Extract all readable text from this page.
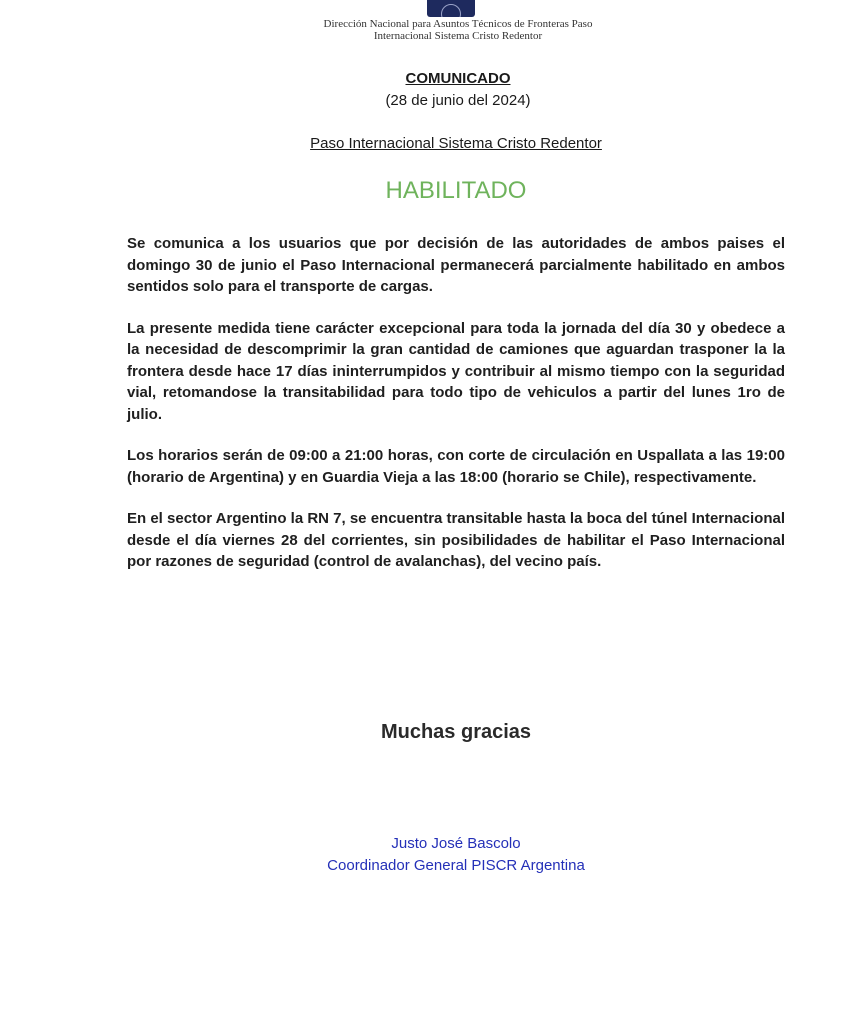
Dirección Nacional para Asuntos Técnicos de Fronteras Paso
Internacional Sistema Cristo Redentor
COMUNICADO
(28 de junio del 2024)
Paso Internacional Sistema Cristo Redentor
HABILITADO

Se comunica a los usuarios que por decisión de las autoridades de ambos paises el domingo 30 de junio el Paso Internacional permanecerá parcialmente habilitado en ambos sentidos solo para el transporte de cargas.

La presente medida tiene carácter excepcional para toda la jornada del día 30 y obedece a la necesidad de descomprimir la gran cantidad de camiones que aguardan trasponer la la frontera desde hace 17 días ininterrumpidos y contribuir al mismo tiempo con la seguridad vial, retomandose la transitabilidad para todo tipo de vehiculos a partir del lunes 1ro de julio.

Los horarios serán de 09:00 a 21:00 horas, con corte de circulación en Uspallata a las 19:00 (horario de Argentina) y en Guardia Vieja a las 18:00 (horario se Chile), respectivamente.

En el sector Argentino la RN 7, se encuentra transitable hasta la boca del túnel Internacional desde el día viernes 28 del corrientes, sin posibilidades de habilitar el Paso Internacional por razones de seguridad (control de avalanchas), del vecino país.

Muchas gracias
Justo José Bascolo
Coordinador General PISCR Argentina
